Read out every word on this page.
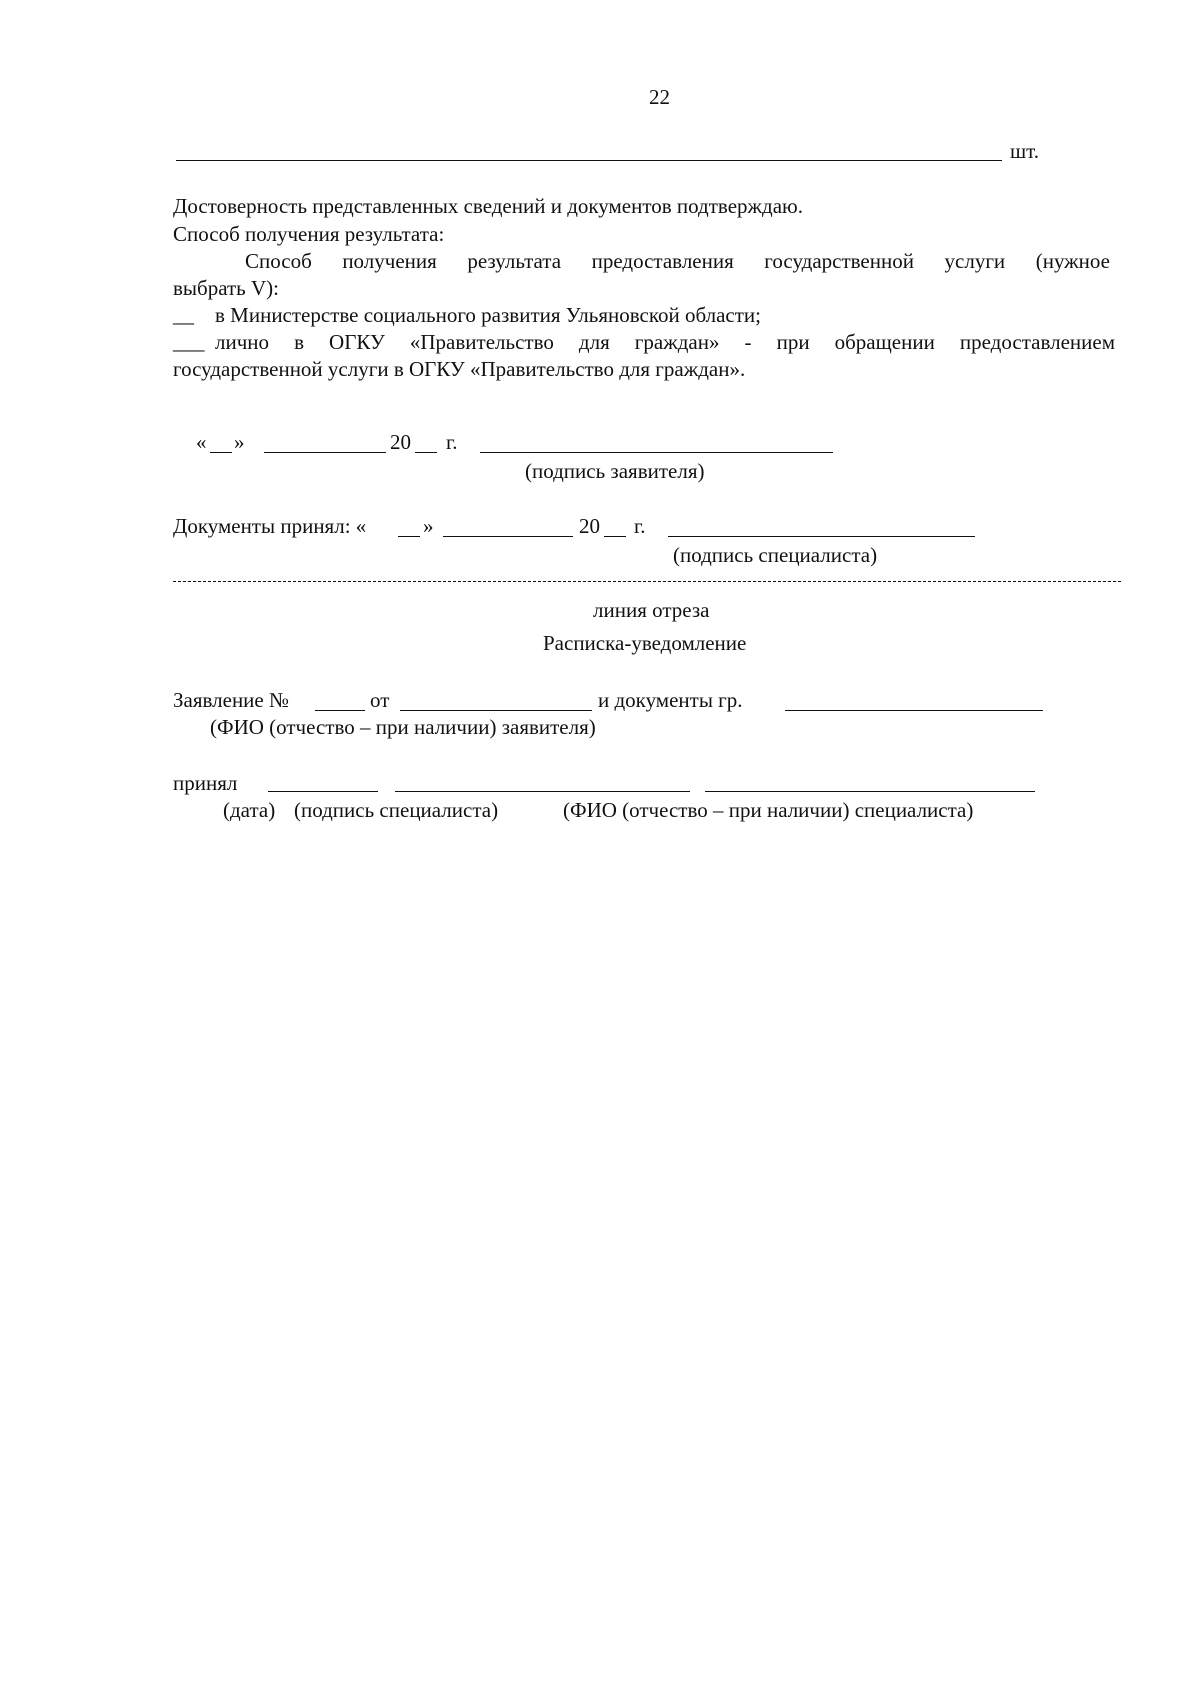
22
шт.
Достоверность представленных сведений и документов подтверждаю.
Способ получения результата:
Способ получения результата предоставления государственной услуги (нужное
выбрать V):
__ в Министерстве социального развития Ульяновской области;
___ лично в ОГКУ «Правительство для граждан» - при обращении предоставлением
государственной услуги в ОГКУ «Правительство для граждан».
« »	20 г.
(подпись заявителя)
Документы принял: «	»	20 г.
(подпись специалиста)
линия отреза
Расписка-уведомление
Заявление №	от	и документы гр.
(ФИО (отчество – при наличии) заявителя)
принял
(дата) (подпись специалиста)	(ФИО (отчество – при наличии) специалиста)
